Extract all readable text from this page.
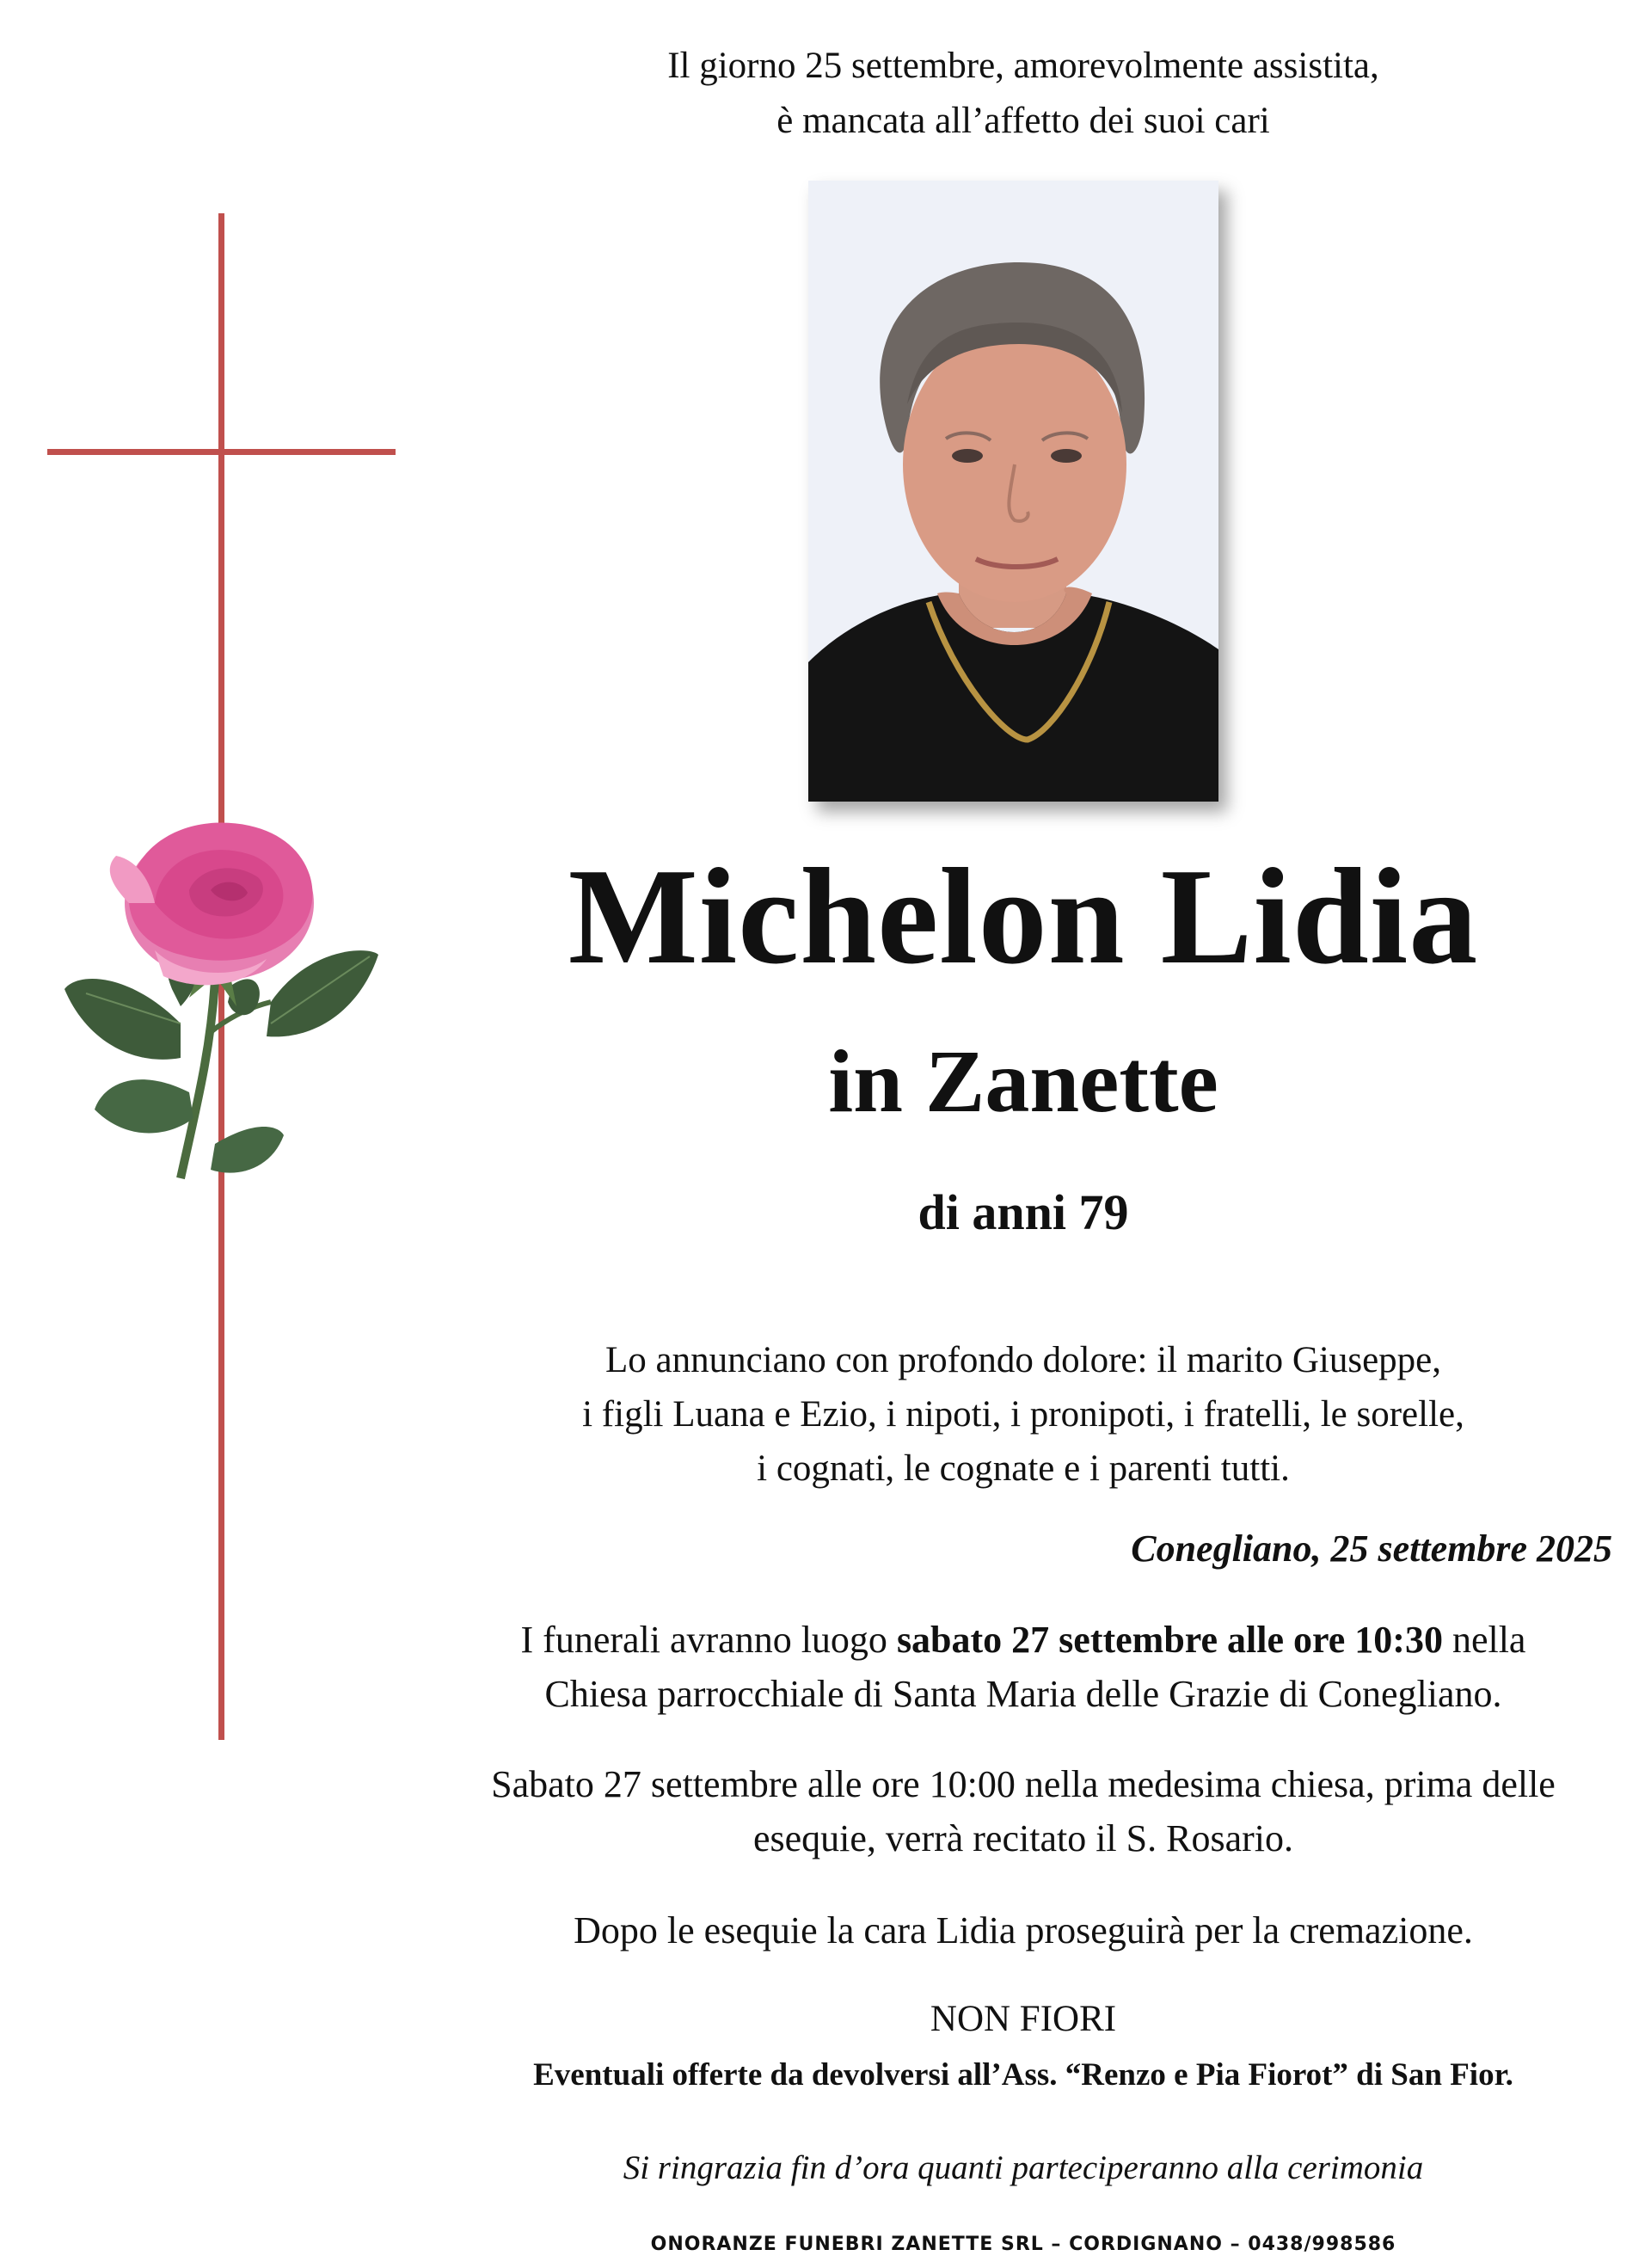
Il giorno 25 settembre, amorevolmente assistita,
è mancata all’affetto dei suoi cari
Michelon Lidia
in Zanette
di anni 79
Lo annunciano con profondo dolore: il marito Giuseppe,
i figli Luana e Ezio, i nipoti, i pronipoti, i fratelli, le sorelle,
i cognati, le cognate e i parenti tutti.
Conegliano, 25 settembre 2025
I funerali avranno luogo sabato 27 settembre alle ore 10:30 nella
Chiesa parrocchiale di Santa Maria delle Grazie di Conegliano.
Sabato 27 settembre alle ore 10:00 nella medesima chiesa, prima delle
esequie, verrà recitato il S. Rosario.
Dopo le esequie la cara Lidia proseguirà per la cremazione.
NON FIORI
Eventuali offerte da devolversi all’Ass. “Renzo e Pia Fiorot” di San Fior.
Si ringrazia fin d’ora quanti parteciperanno alla cerimonia
ONORANZE FUNEBRI ZANETTE SRL – CORDIGNANO – 0438/998586
